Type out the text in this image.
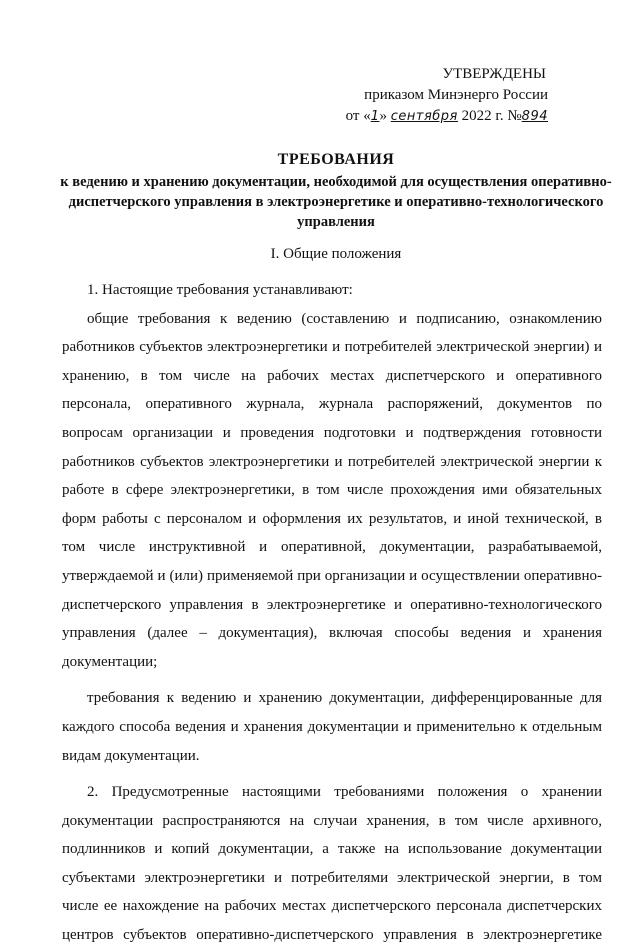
УТВЕРЖДЕНЫ
приказом Минэнерго России
от «1» сентября 2022 г. №894
ТРЕБОВАНИЯ
к ведению и хранению документации, необходимой для осуществления оперативно-диспетчерского управления в электроэнергетике и оперативно-технологического управления
I. Общие положения

1. Настоящие требования устанавливают:

общие требования к ведению (составлению и подписанию, ознакомлению работников субъектов электроэнергетики и потребителей электрической энергии) и хранению, в том числе на рабочих местах диспетчерского и оперативного персонала, оперативного журнала, журнала распоряжений, документов по вопросам организации и проведения подготовки и подтверждения готовности работников субъектов электроэнергетики и потребителей электрической энергии к работе в сфере электроэнергетики, в том числе прохождения ими обязательных форм работы с персоналом и оформления их результатов, и иной технической, в том числе инструктивной и оперативной, документации, разрабатываемой, утверждаемой и (или) применяемой при организации и осуществлении оперативно-диспетчерского управления в электроэнергетике и оперативно-технологического управления (далее – документация), включая способы ведения и хранения документации;

требования к ведению и хранению документации, дифференцированные для каждого способа ведения и хранения документации и применительно к отдельным видам документации.

2. Предусмотренные настоящими требованиями положения о хранении документации распространяются на случаи хранения, в том числе архивного, подлинников и копий документации, а также на использование документации субъектами электроэнергетики и потребителями электрической энергии, в том числе ее нахождение на рабочих местах диспетчерского персонала диспетчерских центров субъектов оперативно-диспетчерского управления в электроэнергетике
